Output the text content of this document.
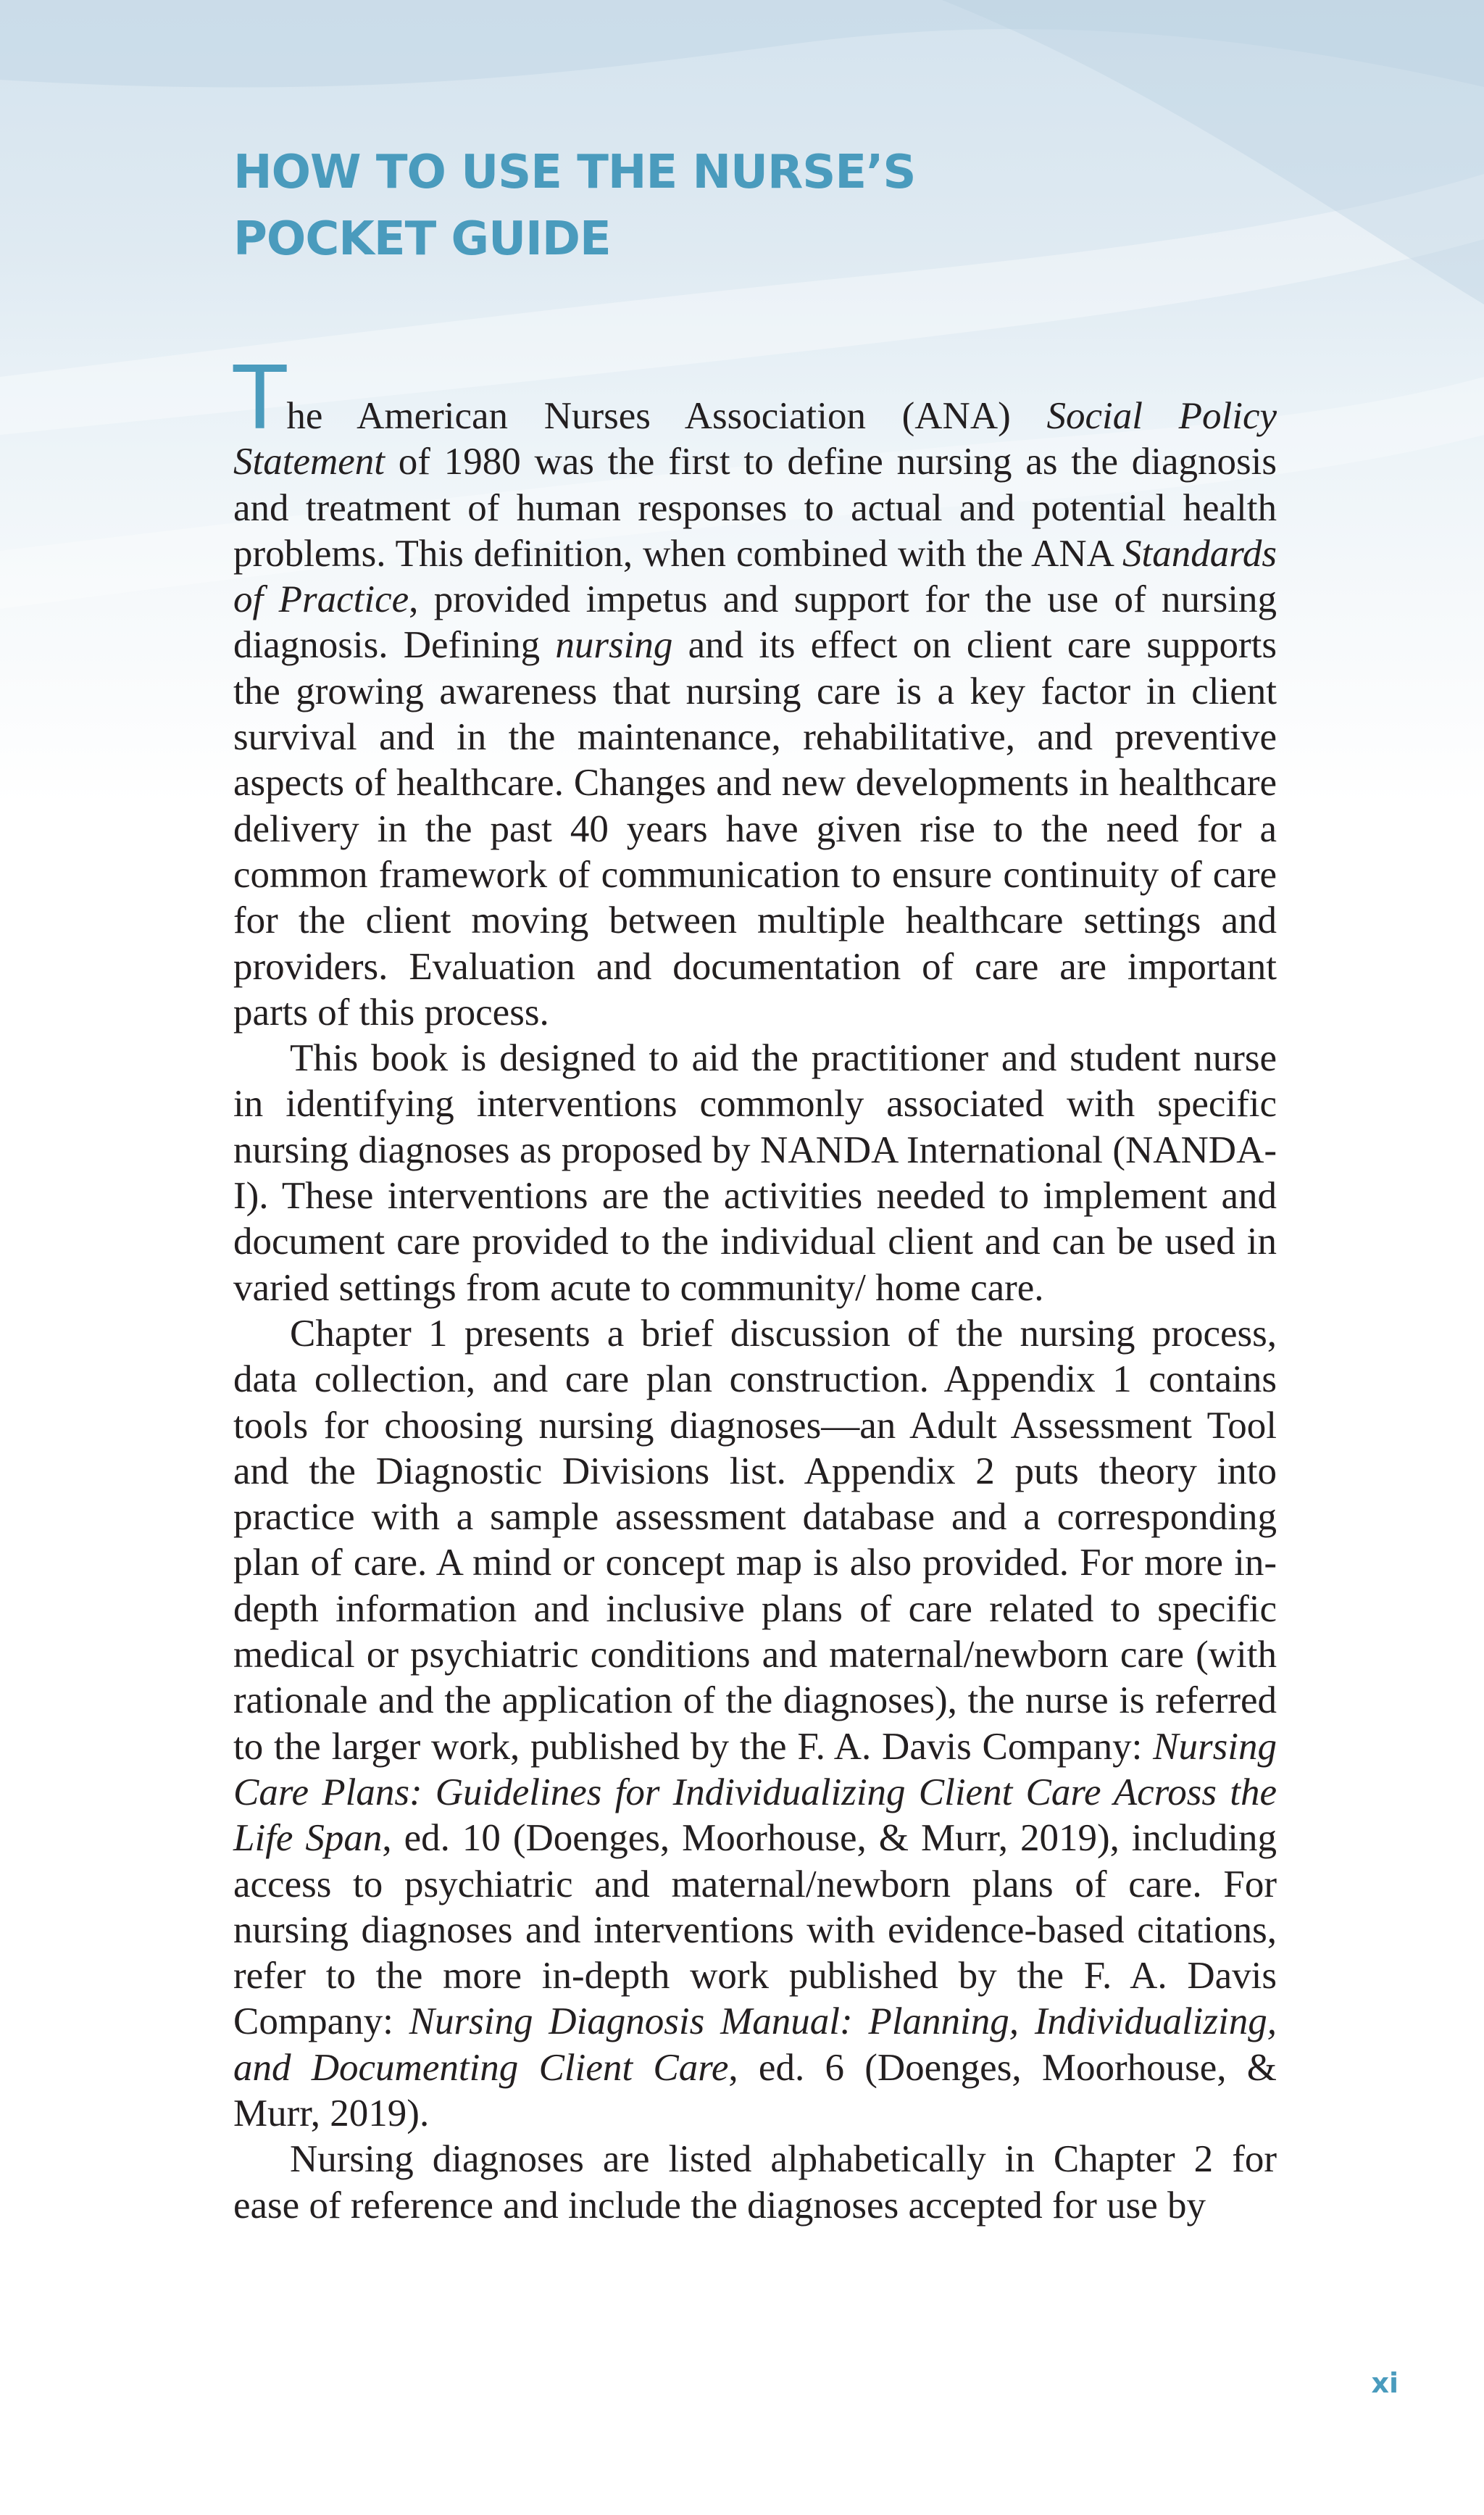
HOW TO USE THE NURSE’S
POCKET GUIDE

The American Nurses Association (ANA) Social Policy Statement of 1980 was the first to define nursing as the diagnosis and treatment of human responses to actual and potential health problems. This definition, when combined with the ANA Standards of Practice, provided impetus and support for the use of nursing diagnosis. Defining nursing and its effect on client care supports the growing awareness that nursing care is a key factor in client survival and in the maintenance, rehabilitative, and preventive aspects of healthcare. Changes and new developments in healthcare delivery in the past 40 years have given rise to the need for a common framework of communication to ensure continuity of care for the client moving between multiple healthcare settings and providers. Evaluation and documentation of care are important parts of this process.

This book is designed to aid the practitioner and student nurse in identifying interventions commonly associated with specific nursing diagnoses as proposed by NANDA International (NANDA-I). These interventions are the activities needed to implement and document care provided to the individual client and can be used in varied settings from acute to community/ home care.

Chapter 1 presents a brief discussion of the nursing process, data collection, and care plan construction. Appendix 1 contains tools for choosing nursing diagnoses—an Adult Assessment Tool and the Diagnostic Divisions list. Appendix 2 puts theory into practice with a sample assessment database and a corresponding plan of care. A mind or concept map is also provided. For more in-depth information and inclusive plans of care related to specific medical or psychiatric conditions and maternal/newborn care (with rationale and the application of the diagnoses), the nurse is referred to the larger work, published by the F. A. Davis Company: Nursing Care Plans: Guidelines for Individualizing Client Care Across the Life Span, ed. 10 (Doenges, Moorhouse, & Murr, 2019), including access to psychiatric and maternal/newborn plans of care. For nursing diagnoses and interventions with evidence-based citations, refer to the more in-depth work published by the F. A. Davis Company: Nursing Diagnosis Manual: Planning, Individualizing, and Documenting Client Care, ed. 6 (Doenges, Moorhouse, & Murr, 2019).

Nursing diagnoses are listed alphabetically in Chapter 2 for ease of reference and include the diagnoses accepted for use by

xi
